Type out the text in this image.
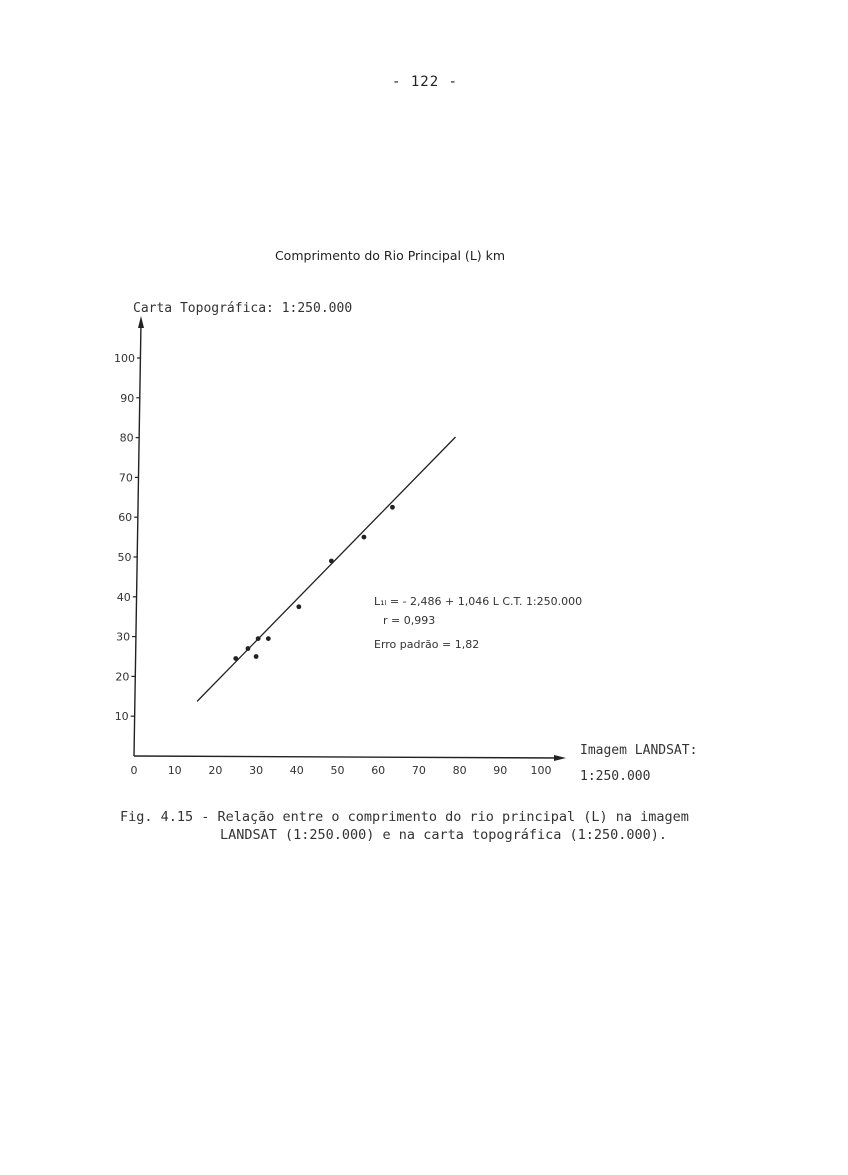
- 122 -
Comprimento do Rio Principal (L) km
Carta Topográfica: 1:250.000
Imagem LANDSAT:
1:250.000
10
20
30
40
50
60
70
80
90
100
0	10 20 30 40 50 60 70 80 90 100
L₁ₗ = - 2,486 + 1,046 L C.T. 1:250.000
r = 0,993
Erro padrão = 1,82
Fig. 4.15 - Relação entre o comprimento do rio principal (L) na imagem
LANDSAT (1:250.000) e na carta topográfica (1:250.000).
